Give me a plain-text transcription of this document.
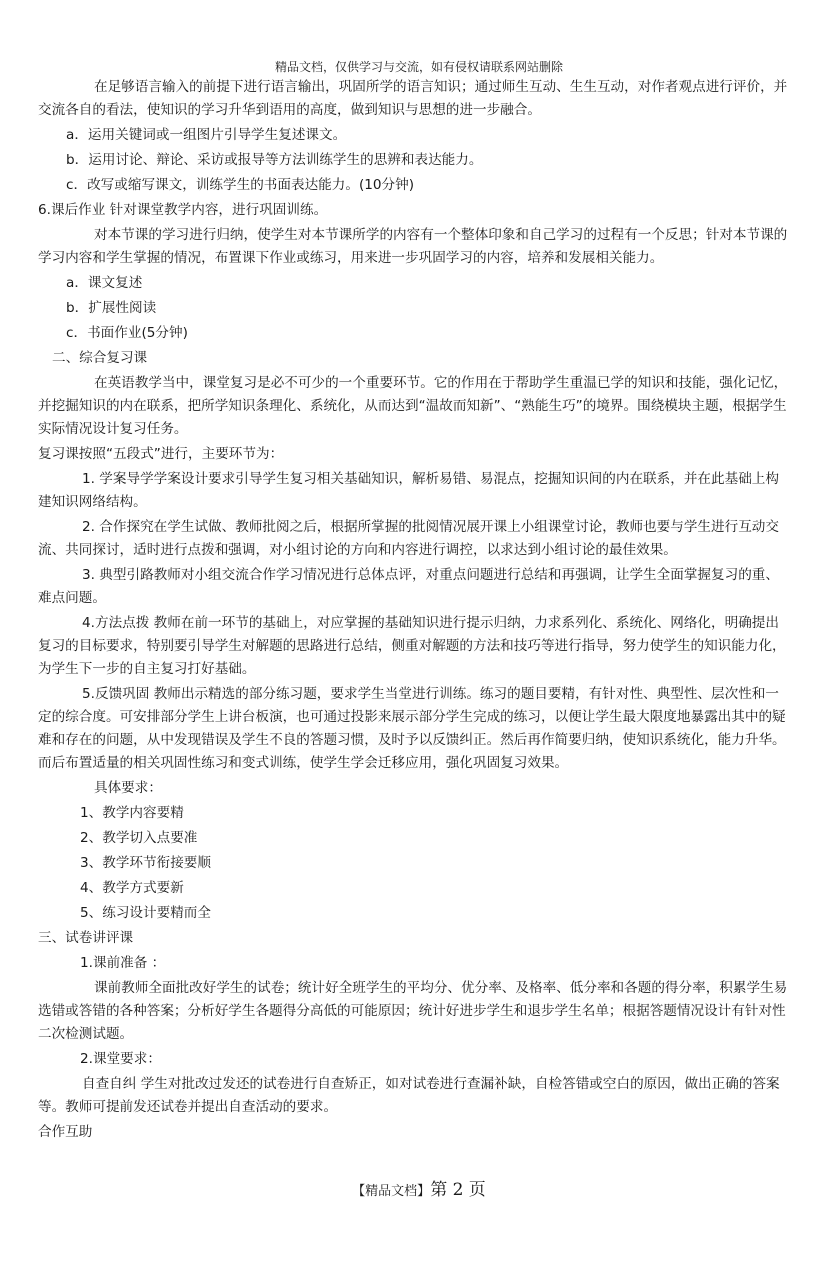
精品文档，仅供学习与交流，如有侵权请联系网站删除

在足够语言输入的前提下进行语言输出，巩固所学的语言知识；通过师生互动、生生互动，对作者观点进行评价，并交流各自的看法，使知识的学习升华到语用的高度，做到知识与思想的进一步融合。

a．运用关键词或一组图片引导学生复述课文。

b．运用讨论、辩论、采访或报导等方法训练学生的思辨和表达能力。

c．改写或缩写课文，训练学生的书面表达能力。(10分钟)

6.课后作业 针对课堂教学内容，进行巩固训练。

对本节课的学习进行归纳，使学生对本节课所学的内容有一个整体印象和自己学习的过程有一个反思；针对本节课的学习内容和学生掌握的情况，布置课下作业或练习，用来进一步巩固学习的内容，培养和发展相关能力。

a．课文复述

b．扩展性阅读

c．书面作业(5分钟)

二、综合复习课

在英语教学当中，课堂复习是必不可少的一个重要环节。它的作用在于帮助学生重温已学的知识和技能，强化记忆，并挖掘知识的内在联系，把所学知识条理化、系统化，从而达到“温故而知新”、“熟能生巧”的境界。围绕模块主题，根据学生实际情况设计复习任务。

复习课按照“五段式”进行，主要环节为：

1. 学案导学学案设计要求引导学生复习相关基础知识，解析易错、易混点，挖掘知识间的内在联系，并在此基础上构建知识网络结构。

2. 合作探究在学生试做、教师批阅之后，根据所掌握的批阅情况展开课上小组课堂讨论，教师也要与学生进行互动交流、共同探讨，适时进行点拨和强调，对小组讨论的方向和内容进行调控，以求达到小组讨论的最佳效果。

3. 典型引路教师对小组交流合作学习情况进行总体点评，对重点问题进行总结和再强调，让学生全面掌握复习的重、难点问题。

4.方法点拨 教师在前一环节的基础上，对应掌握的基础知识进行提示归纳，力求系列化、系统化、网络化，明确提出复习的目标要求，特别要引导学生对解题的思路进行总结，侧重对解题的方法和技巧等进行指导，努力使学生的知识能力化，为学生下一步的自主复习打好基础。

5.反馈巩固 教师出示精选的部分练习题，要求学生当堂进行训练。练习的题目要精，有针对性、典型性、层次性和一定的综合度。可安排部分学生上讲台板演，也可通过投影来展示部分学生完成的练习，以便让学生最大限度地暴露出其中的疑难和存在的问题，从中发现错误及学生不良的答题习惯，及时予以反馈纠正。然后再作简要归纳，使知识系统化，能力升华。而后布置适量的相关巩固性练习和变式训练，使学生学会迁移应用，强化巩固复习效果。

具体要求：

1、教学内容要精

2、教学切入点要准

3、教学环节衔接要顺

4、教学方式要新

5、练习设计要精而全

三、试卷讲评课

1.课前准备 ：

课前教师全面批改好学生的试卷；统计好全班学生的平均分、优分率、及格率、低分率和各题的得分率，积累学生易选错或答错的各种答案；分析好学生各题得分高低的可能原因；统计好进步学生和退步学生名单；根据答题情况设计有针对性二次检测试题。

2.课堂要求：

自查自纠 学生对批改过发还的试卷进行自查矫正，如对试卷进行查漏补缺，自检答错或空白的原因，做出正确的答案等。教师可提前发还试卷并提出自查活动的要求。

合作互助

【精品文档】第 2 页
